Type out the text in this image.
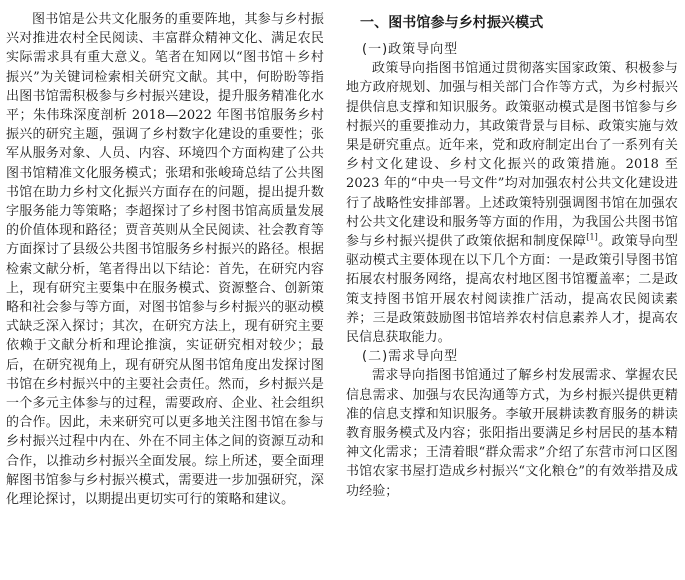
图书馆是公共文化服务的重要阵地，其参与乡村振兴对推进农村全民阅读、丰富群众精神文化、满足农民实际需求具有重大意义。笔者在知网以“图书馆＋乡村振兴”为关键词检索相关研究文献。其中，何盼盼等指出图书馆需积极参与乡村振兴建设，提升服务精准化水平；朱伟珠深度剖析 2018—2022 年图书馆服务乡村振兴的研究主题，强调了乡村数字化建设的重要性；张军从服务对象、人员、内容、环境四个方面构建了公共图书馆精准文化服务模式；张珺和张峻琦总结了公共图书馆在助力乡村文化振兴方面存在的问题，提出提升数字服务能力等策略；李超探讨了乡村图书馆高质量发展的价值体现和路径；贾音英则从全民阅读、社会教育等方面探讨了县级公共图书馆服务乡村振兴的路径。根据检索文献分析，笔者得出以下结论：首先，在研究内容上，现有研究主要集中在服务模式、资源整合、创新策略和社会参与等方面，对图书馆参与乡村振兴的驱动模式缺乏深入探讨；其次，在研究方法上，现有研究主要依赖于文献分析和理论推演，实证研究相对较少；最后，在研究视角上，现有研究从图书馆角度出发探讨图书馆在乡村振兴中的主要社会责任。然而，乡村振兴是一个多元主体参与的过程，需要政府、企业、社会组织的合作。因此，未来研究可以更多地关注图书馆在参与乡村振兴过程中内在、外在不同主体之间的资源互动和合作，以推动乡村振兴全面发展。综上所述，要全面理解图书馆参与乡村振兴模式，需要进一步加强研究，深化理论探讨，以期提出更切实可行的策略和建议。

一、图书馆参与乡村振兴模式
(一)政策导向型

政策导向指图书馆通过贯彻落实国家政策、积极参与地方政府规划、加强与相关部门合作等方式，为乡村振兴提供信息支撑和知识服务。政策驱动模式是图书馆参与乡村振兴的重要推动力，其政策背景与目标、政策实施与效果是研究重点。近年来，党和政府制定出台了一系列有关乡村文化建设、乡村文化振兴的政策措施。2018 至 2023 年的“中央一号文件”均对加强农村公共文化建设进行了战略性安排部署。上述政策特别强调图书馆在加强农村公共文化建设和服务等方面的作用，为我国公共图书馆参与乡村振兴提供了政策依据和制度保障[1]。政策导向型驱动模式主要体现在以下几个方面：一是政策引导图书馆拓展农村服务网络，提高农村地区图书馆覆盖率；二是政策支持图书馆开展农村阅读推广活动，提高农民阅读素养；三是政策鼓励图书馆培养农村信息素养人才，提高农民信息获取能力。

(二)需求导向型

需求导向指图书馆通过了解乡村发展需求、掌握农民信息需求、加强与农民沟通等方式，为乡村振兴提供更精准的信息支撑和知识服务。李敏开展耕读教育服务的耕读教育服务模式及内容；张阳指出要满足乡村居民的基本精神文化需求；王清着眼“群众需求”介绍了东营市河口区图书馆农家书屋打造成乡村振兴“文化粮仓”的有效举措及成功经验；
